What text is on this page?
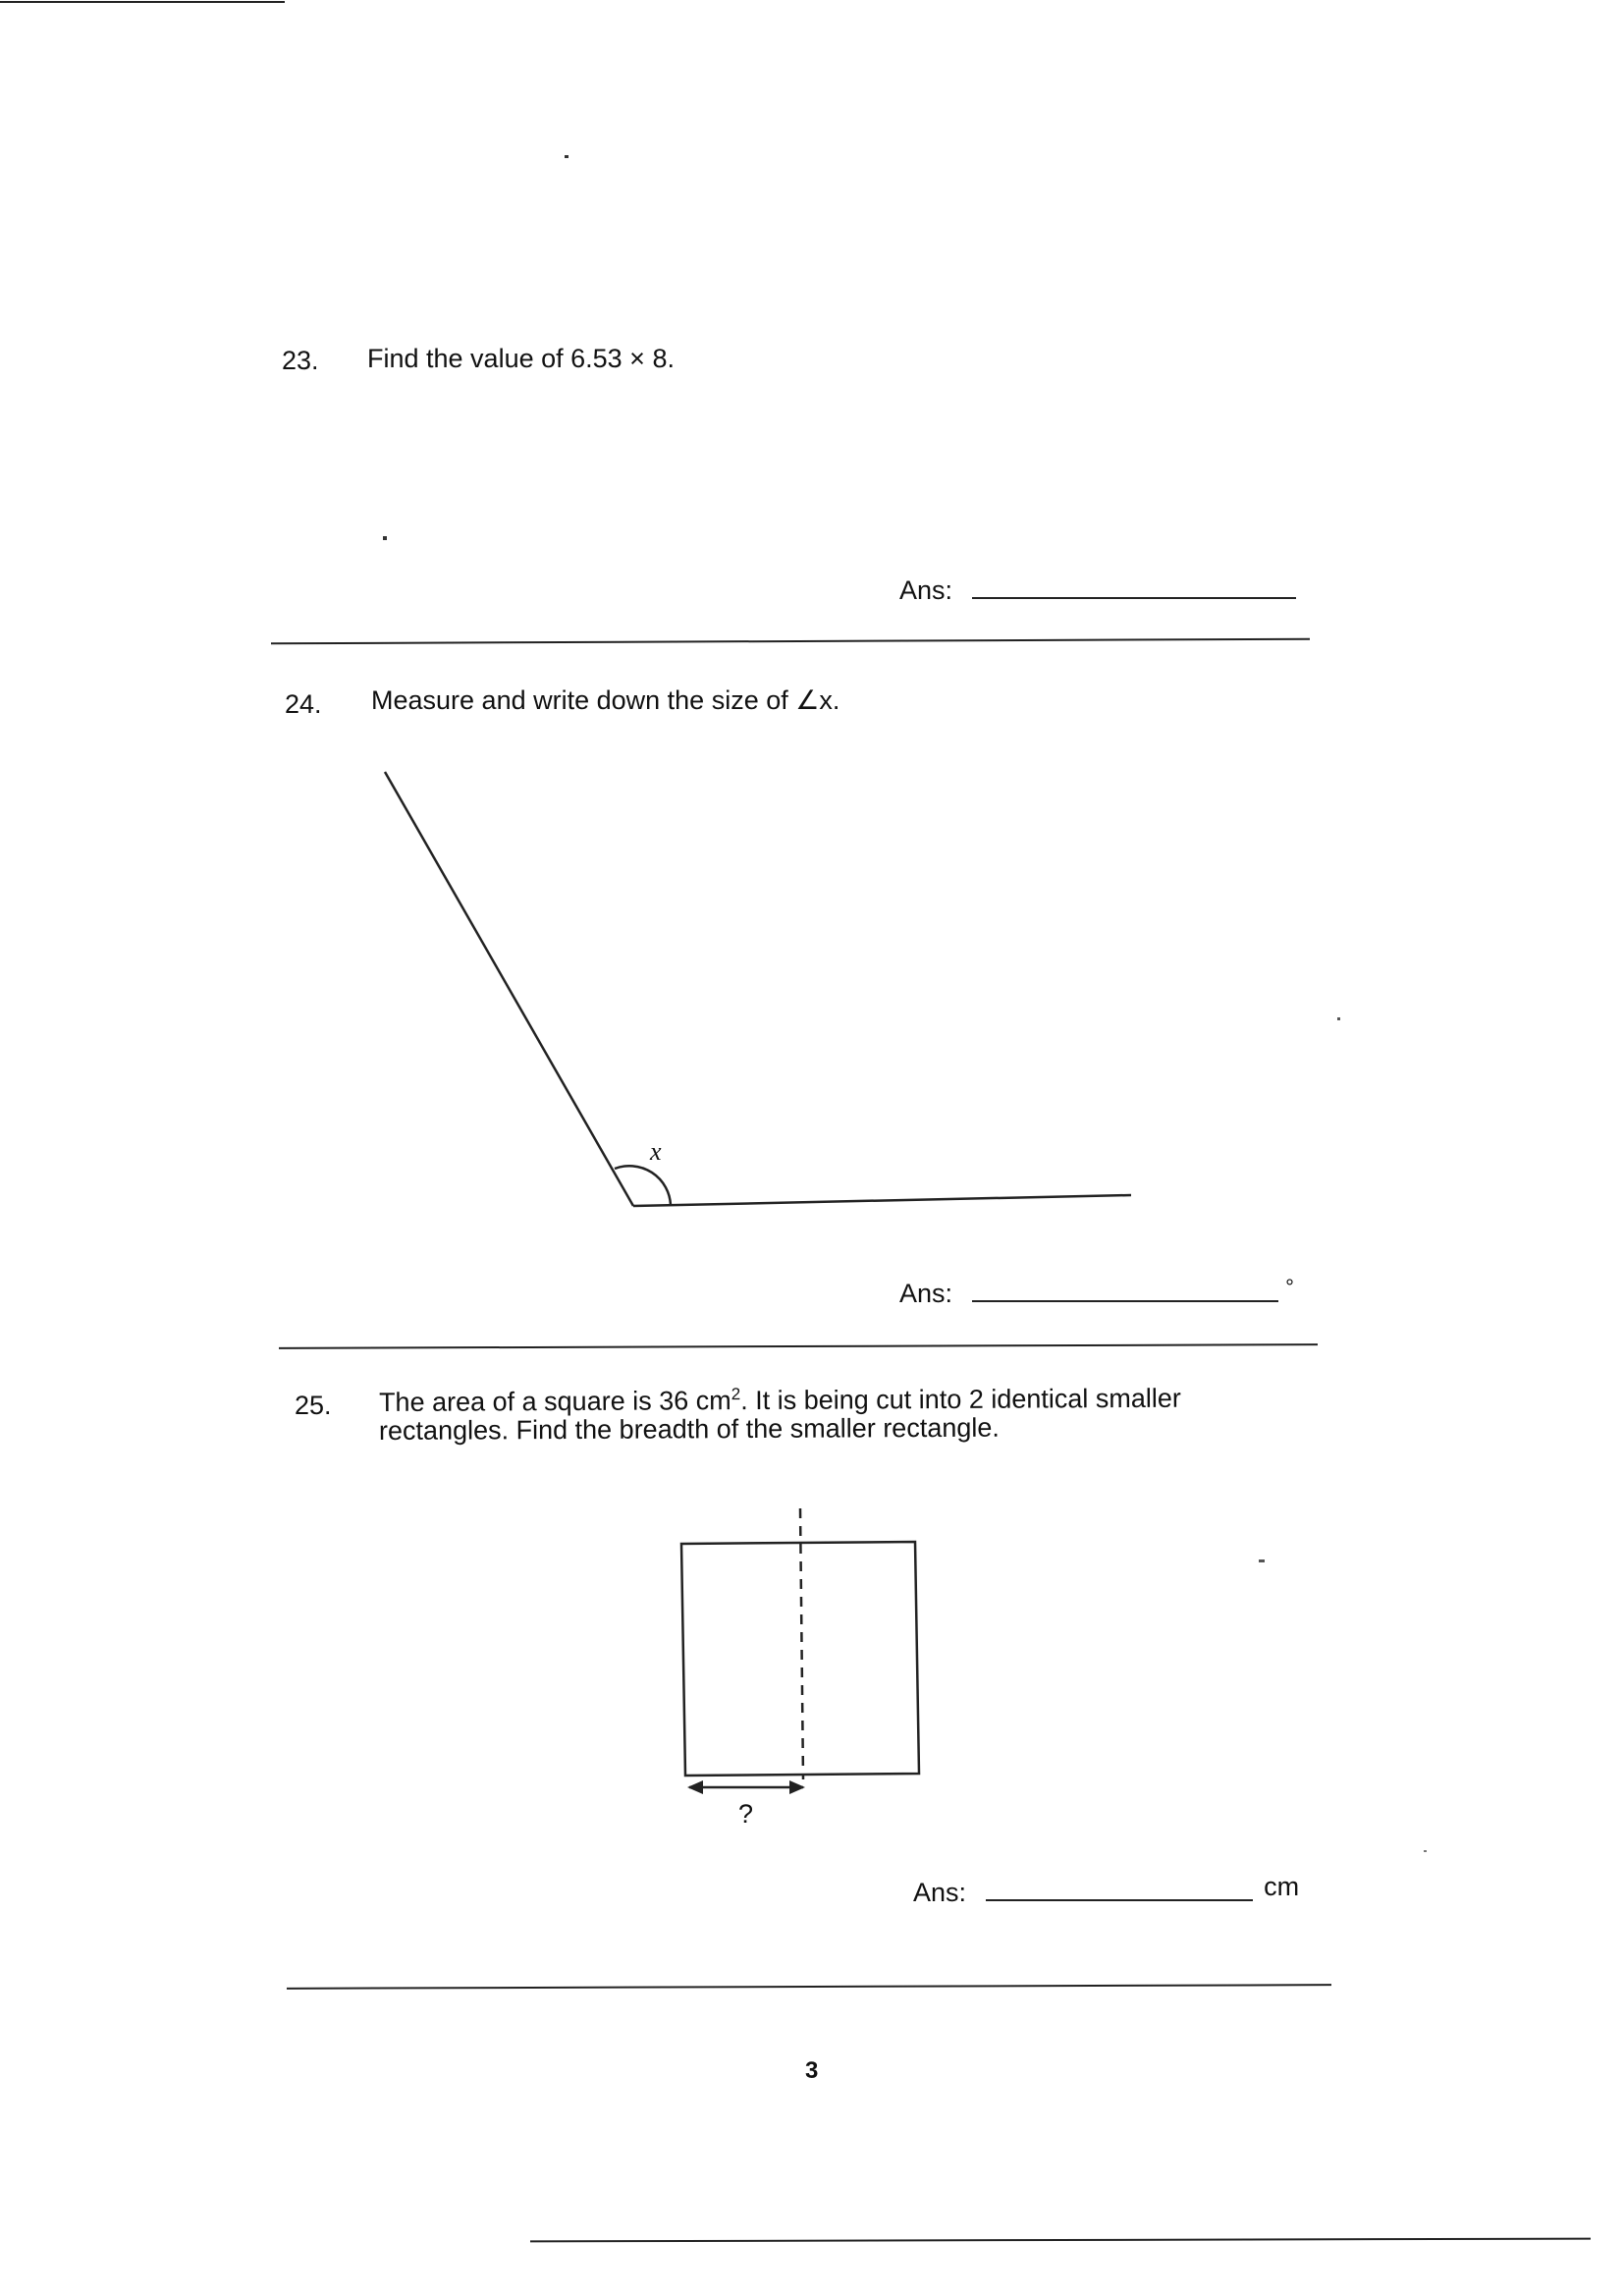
23. Find the value of 6.53 × 8.
Ans:
24. Measure and write down the size of ∠x.
x
Ans:	°
25. The area of a square is 36 $cm^2$. It is being cut into 2 identical smaller
rectangles. Find the breadth of the smaller rectangle.
?
Ans:	cm
3
